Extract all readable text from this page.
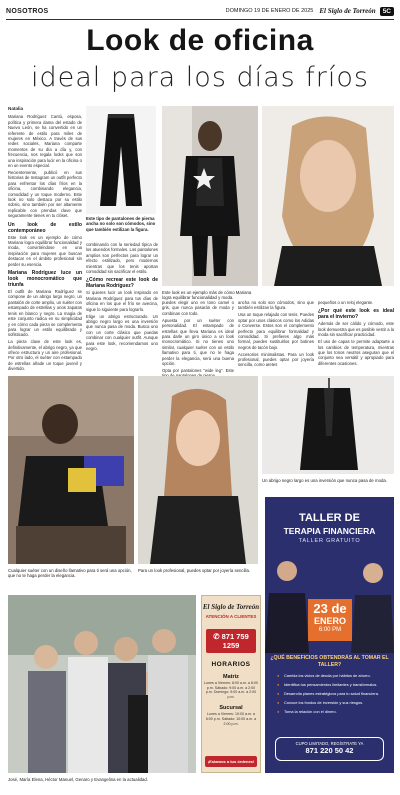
NOSOTROS	DOMINGO 19 DE ENERO DE 2025 El Siglo de Torreón	5C
Look de oficina
ideal para los días fríos
Natalia

Mariana Rodríguez Cantú, esposa, política y primera dama del estado de Nuevo León, se ha convertido en un referente de estilo para miles de mujeres en México. A través de sus redes sociales, Mariana comparte momentos de su día a día y, con frecuencia, nos regala looks que son una inspiración para lucir en la oficina o en un evento especial.

Recientemente, publicó en sus historias de Instagram un outfit perfecto para enfrentar los días fríos en la oficina, combinando elegancia, comodidad y un toque moderno. Este look no solo destaca por su estilo sobrio, sino también por ser altamente replicable con prendas clave que seguramente tienes en tu clóset.

Un look de estilo contemporáneo

Este look es un ejemplo de cómo Mariana logra equilibrar funcionalidad y moda, convirtiéndose en una inspiración para mujeres que buscan destacar en el ámbito profesional sin perder su esencia.

Mariana Rodríguez luce un look monocromático que triunfa

El outfit de Mariana Rodríguez se compone de un abrigo largo negro, un pantalón de corte amplio, un suéter con estampado de estrellas y unos zapatos tenis en blanco y negro. La magia de este conjunto radica en su simplicidad y en cómo cada pieza se complementa para lograr un estilo equilibrado y sofisticado.

La pieza clave de este look es, definitivamente, el abrigo negro, ya que ofrece estructura y un aire profesional. Por otro lado, el suéter con estampado de estrellas añade un toque juvenil y divertido.

Este tipo de pantalones de pierna ancha no solo son cómodos, sino que también estilizan la figura.

combinando con la seriedad típica de los atuendos formales. Los pantalones amplios son perfectos para lograr un efecto estilizado, pero modernos mientras que los tenis aportan comodidad sin sacrificar el estilo.

¿Cómo recrear este look de Mariana Rodríguez?

Si quieres lucir un look inspirado en Mariana Rodríguez para tus días de oficina en los que el frío se avecina, sigue lo siguiente para lograrlo.

Elige un abrigo estructurado. Un abrigo negro largo es una inversión que nunca pasa de moda. Busca uno con un corte clásico que puedas combinar con cualquier outfit. Aunque para este look, recomendamos uno negro.

Este look es un ejemplo más de cómo Mariana logra equilibrar funcionalidad y moda.

puedes elegir uno en tono camel o gris, que nunca pasarán de moda y combinan con todo.

Apuesta por un suéter con personalidad. El estampado de estrellas que lleva Mariana es ideal para darle un giro único a un look monocromático. Si no tienes uno similar, cualquier suéter con un estilo llamativo para ti, que no le haga perder la elegancia, será una buena opción.

Opta por pantalones "wide leg". Este

ancha no solo son cómodos, sino que también estilizan la figura.

Usa un toque relajado con tenis. Puedes optar por unos clásicos como los Adidas o Converse. Estos son el complemento perfecto para equilibrar formalidad y comodidad. Si prefieres algo más formal, puedes sustituirlos por botines negros de tacón bajo.

Accesorios minimalistas. Para un look profesional, puedes optar por joyería sencilla, como aretes

pequeños o un reloj elegante.

¿Por qué este look es ideal para el invierno?

Además de ser cálido y cómodo, este look demuestra que es posible vestir a la moda sin sacrificar practicidad.

El uso de capas te permite adaptarte a los cambios de temperatura, mientras que los tonos neutros aseguran que el conjunto sea versátil y apropiado para diferentes ocasiones.

Cualquier suéter con un diseño llamativo para ti será una opción, que no te haga perder la elegancia.
Para un look profesional, puedes optar por joyería sencilla.
Un abrigo negro largo es una inversión que nunca pasa de moda.
José, María Elena, Héctor Manuel, Genaro y Evangelina en la actualidad.
El Siglo de Torreón
ATENCIÓN A CLIENTES
✆ 871 759 1259
HORARIOS
Matriz
Lunes a Viernes: 8:00 a.m. a 8:00 p.m. Sábado: 9:00 a.m. a 2:00 p.m. Domingo: 9:00 a.m. a 2:00 p.m.
Sucursal
Lunes a Viernes: 10:00 a.m. a 6:00 p.m. Sábado: 10:00 a.m. a 2:00 p.m.
¡Estamos a tus órdenes!
TALLER DE
TERAPIA FINANCIERA
TALLER GRATUITO
23 de
ENERO
6:00 PM
¿QUÉ BENEFICIOS OBTENDRÁS AL TOMAR EL TALLER?
● Cambia los vicios de deuda por hábitos de ahorro.
● Identifica tus pensamientos limitantes y transfórmalos.
● Desarrolla planes estratégicos para tu salud financiera.
● Conoce los fondos de inversión y sus riesgos.
● Toma la relación con el dinero.
CUPO LIMITADO, REGÍSTRATE YA
871 220 50 42
